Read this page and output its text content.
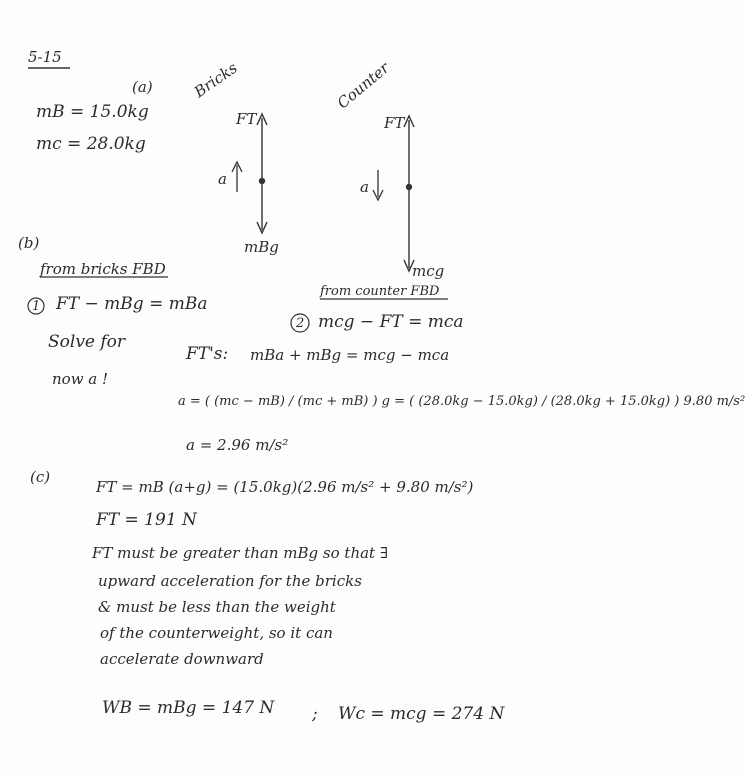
5-15
(a)
mB = 15.0kg
mc = 28.0kg
Bricks	Counter
FT
a
mBg
FT
a
mcg
(b)
from bricks FBD
from counter FBD
1 FT − mBg = mBa
2 mcg − FT = mca
Solve for
FT's: mBa + mBg = mcg − mca
now a !
a = ( (mc − mB) / (mc + mB) ) g = ( (28.0kg − 15.0kg) / (28.0kg + 15.0kg) ) 9.80 m/s²
a = 2.96 m/s²
(c)
FT = mB (a+g) = (15.0kg)(2.96 m/s² + 9.80 m/s²)
FT = 191 N
FT must be greater than mBg so that ∃
upward acceleration for the bricks
& must be less than the weight
of the counterweight, so it can
accelerate downward
WB = mBg = 147 N ; Wc = mcg = 274 N
